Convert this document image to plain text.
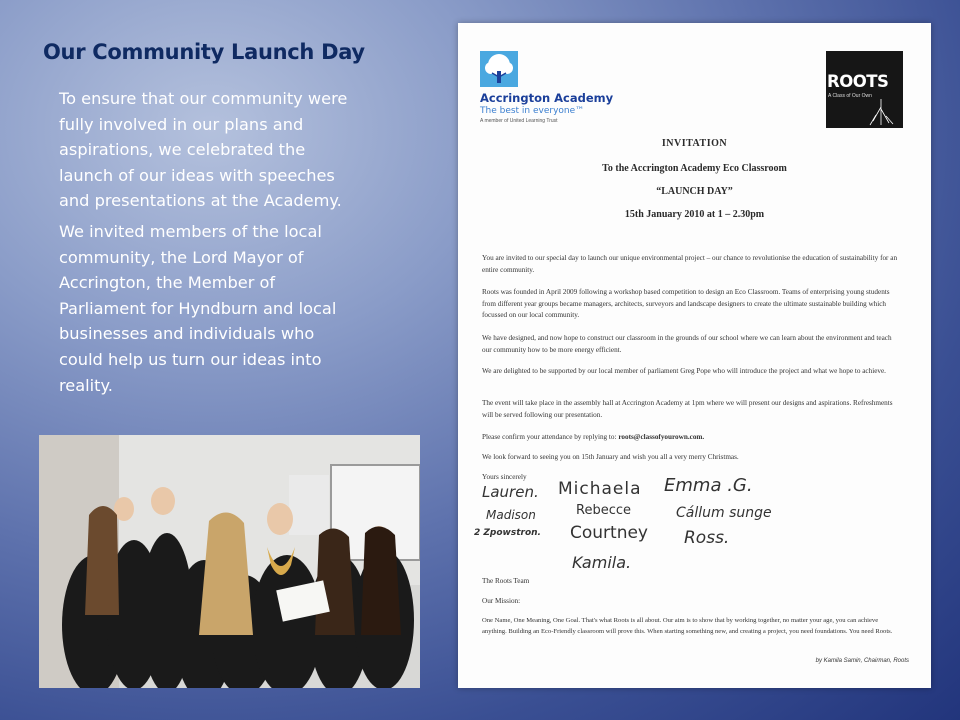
Our Community Launch Day

To ensure that our community were fully involved in our plans and aspirations, we celebrated the launch of our ideas with speeches and presentations at the Academy.

We invited members of the local community, the Lord Mayor of Accrington, the Member of Parliament for Hyndburn and local businesses and individuals who could help us turn our ideas into reality.

Accrington Academy
The best in everyone™
A member of United Learning Trust
ROOTS
A Class of Our Own
INVITATION
To the Accrington Academy Eco Classroom
“LAUNCH DAY”
15th January 2010 at 1 – 2.30pm
You are invited to our special day to launch our unique environmental project – our chance to revolutionise the education of sustainability for an entire community.
Roots was founded in April 2009 following a workshop based competition to design an Eco Classroom. Teams of enterprising young students from different year groups became managers, architects, surveyors and landscape designers to create the ultimate sustainable building which focussed on our local community.
We have designed, and now hope to construct our classroom in the grounds of our school where we can learn about the environment and teach our community how to be more energy efficient.
We are delighted to be supported by our local member of parliament Greg Pope who will introduce the project and what we hope to achieve.
The event will take place in the assembly hall at Accrington Academy at 1pm where we will present our designs and aspirations. Refreshments will be served following our presentation.
Please confirm your attendance by replying to: roots@classofyourown.com.
We look forward to seeing you on 15th January and wish you all a very merry Christmas.
Yours sincerely
Lauren. Michaela Emma .G.
Madison	Rebecce	Cállum sunge
2 Zpowstron. Courtney Ross.
Kamila.
The Roots Team
Our Mission:
One Name, One Meaning, One Goal. That's what Roots is all about. Our aim is to show that by working together, no matter your age, you can achieve anything. Building an Eco-Friendly classroom will prove this. When starting something new, and creating a project, you need foundations. You need Roots.
by Kamila Samin, Chairman, Roots
